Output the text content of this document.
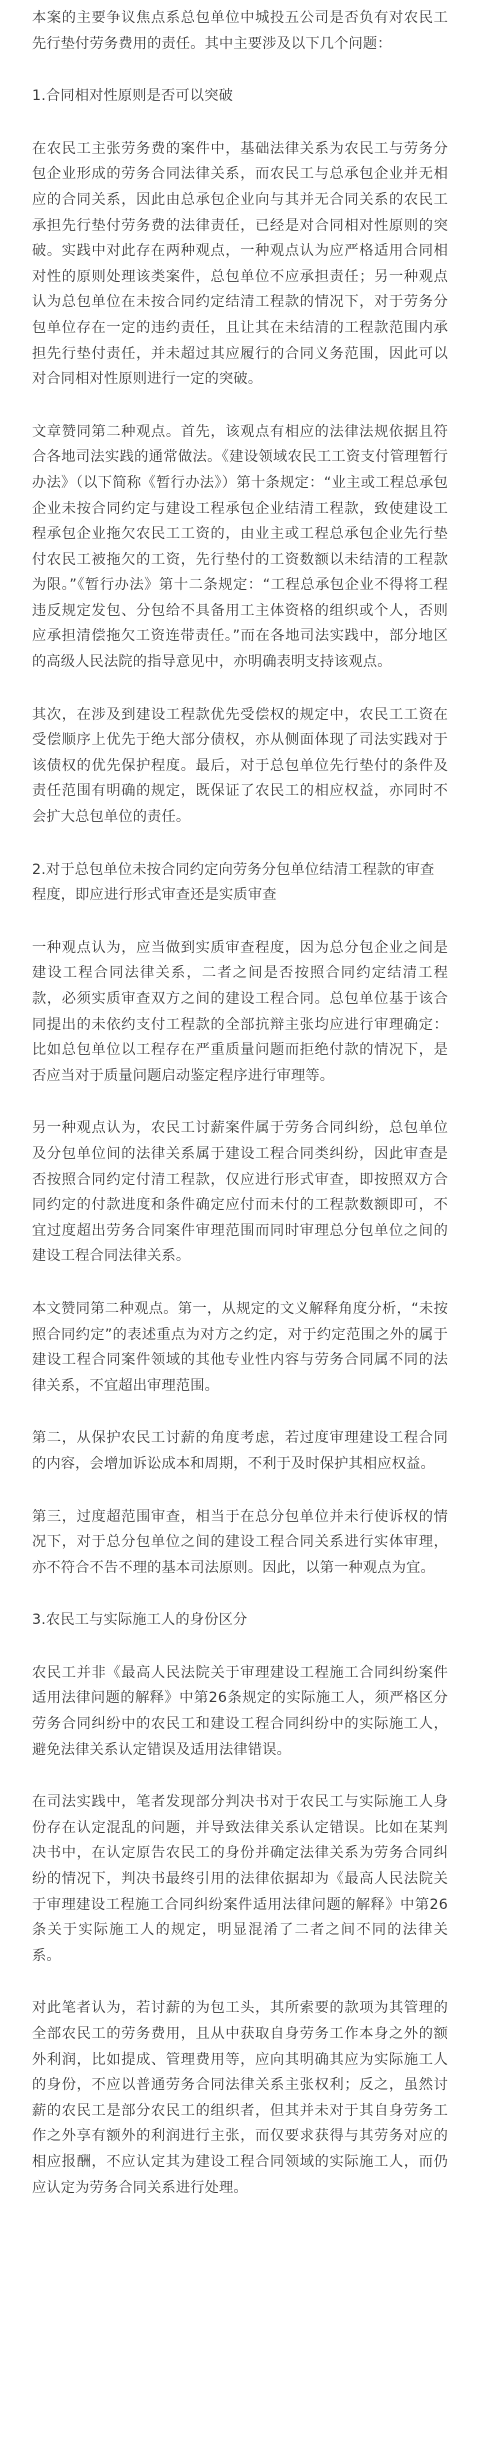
本案的主要争议焦点系总包单位中城投五公司是否负有对农民工先行垫付劳务费用的责任。其中主要涉及以下几个问题：

1.合同相对性原则是否可以突破

在农民工主张劳务费的案件中，基础法律关系为农民工与劳务分包企业形成的劳务合同法律关系，而农民工与总承包企业并无相应的合同关系，因此由总承包企业向与其并无合同关系的农民工承担先行垫付劳务费的法律责任，已经是对合同相对性原则的突破。实践中对此存在两种观点，一种观点认为应严格适用合同相对性的原则处理该类案件，总包单位不应承担责任；另一种观点认为总包单位在未按合同约定结清工程款的情况下，对于劳务分包单位存在一定的违约责任，且让其在未结清的工程款范围内承担先行垫付责任，并未超过其应履行的合同义务范围，因此可以对合同相对性原则进行一定的突破。

文章赞同第二种观点。首先，该观点有相应的法律法规依据且符合各地司法实践的通常做法。《建设领域农民工工资支付管理暂行办法》（以下简称《暂行办法》）第十条规定：“业主或工程总承包企业未按合同约定与建设工程承包企业结清工程款，致使建设工程承包企业拖欠农民工工资的，由业主或工程总承包企业先行垫付农民工被拖欠的工资，先行垫付的工资数额以未结清的工程款为限。”《暂行办法》第十二条规定：“工程总承包企业不得将工程违反规定发包、分包给不具备用工主体资格的组织或个人，否则应承担清偿拖欠工资连带责任。”而在各地司法实践中，部分地区的高级人民法院的指导意见中，亦明确表明支持该观点。

其次，在涉及到建设工程款优先受偿权的规定中，农民工工资在受偿顺序上优先于绝大部分债权，亦从侧面体现了司法实践对于该债权的优先保护程度。最后，对于总包单位先行垫付的条件及责任范围有明确的规定，既保证了农民工的相应权益，亦同时不会扩大总包单位的责任。

2.对于总包单位未按合同约定向劳务分包单位结清工程款的审查程度，即应进行形式审查还是实质审查

一种观点认为，应当做到实质审查程度，因为总分包企业之间是建设工程合同法律关系，二者之间是否按照合同约定结清工程款，必须实质审查双方之间的建设工程合同。总包单位基于该合同提出的未依约支付工程款的全部抗辩主张均应进行审理确定：比如总包单位以工程存在严重质量问题而拒绝付款的情况下，是否应当对于质量问题启动鉴定程序进行审理等。

另一种观点认为，农民工讨薪案件属于劳务合同纠纷，总包单位及分包单位间的法律关系属于建设工程合同类纠纷，因此审查是否按照合同约定付清工程款，仅应进行形式审查，即按照双方合同约定的付款进度和条件确定应付而未付的工程款数额即可，不宜过度超出劳务合同案件审理范围而同时审理总分包单位之间的建设工程合同法律关系。

本文赞同第二种观点。第一，从规定的文义解释角度分析，“未按照合同约定”的表述重点为对方之约定，对于约定范围之外的属于建设工程合同案件领域的其他专业性内容与劳务合同属不同的法律关系，不宜超出审理范围。

第二，从保护农民工讨薪的角度考虑，若过度审理建设工程合同的内容，会增加诉讼成本和周期，不利于及时保护其相应权益。

第三，过度超范围审查，相当于在总分包单位并未行使诉权的情况下，对于总分包单位之间的建设工程合同关系进行实体审理，亦不符合不告不理的基本司法原则。因此，以第一种观点为宜。

3.农民工与实际施工人的身份区分

农民工并非《最高人民法院关于审理建设工程施工合同纠纷案件适用法律问题的解释》中第26条规定的实际施工人，须严格区分劳务合同纠纷中的农民工和建设工程合同纠纷中的实际施工人，避免法律关系认定错误及适用法律错误。

在司法实践中，笔者发现部分判决书对于农民工与实际施工人身份存在认定混乱的问题，并导致法律关系认定错误。比如在某判决书中，在认定原告农民工的身份并确定法律关系为劳务合同纠纷的情况下，判决书最终引用的法律依据却为《最高人民法院关于审理建设工程施工合同纠纷案件适用法律问题的解释》中第26条关于实际施工人的规定，明显混淆了二者之间不同的法律关系。

对此笔者认为，若讨薪的为包工头，其所索要的款项为其管理的全部农民工的劳务费用，且从中获取自身劳务工作本身之外的额外利润，比如提成、管理费用等，应向其明确其应为实际施工人的身份，不应以普通劳务合同法律关系主张权利；反之，虽然讨薪的农民工是部分农民工的组织者，但其并未对于其自身劳务工作之外享有额外的利润进行主张，而仅要求获得与其劳务对应的相应报酬，不应认定其为建设工程合同领域的实际施工人，而仍应认定为劳务合同关系进行处理。
